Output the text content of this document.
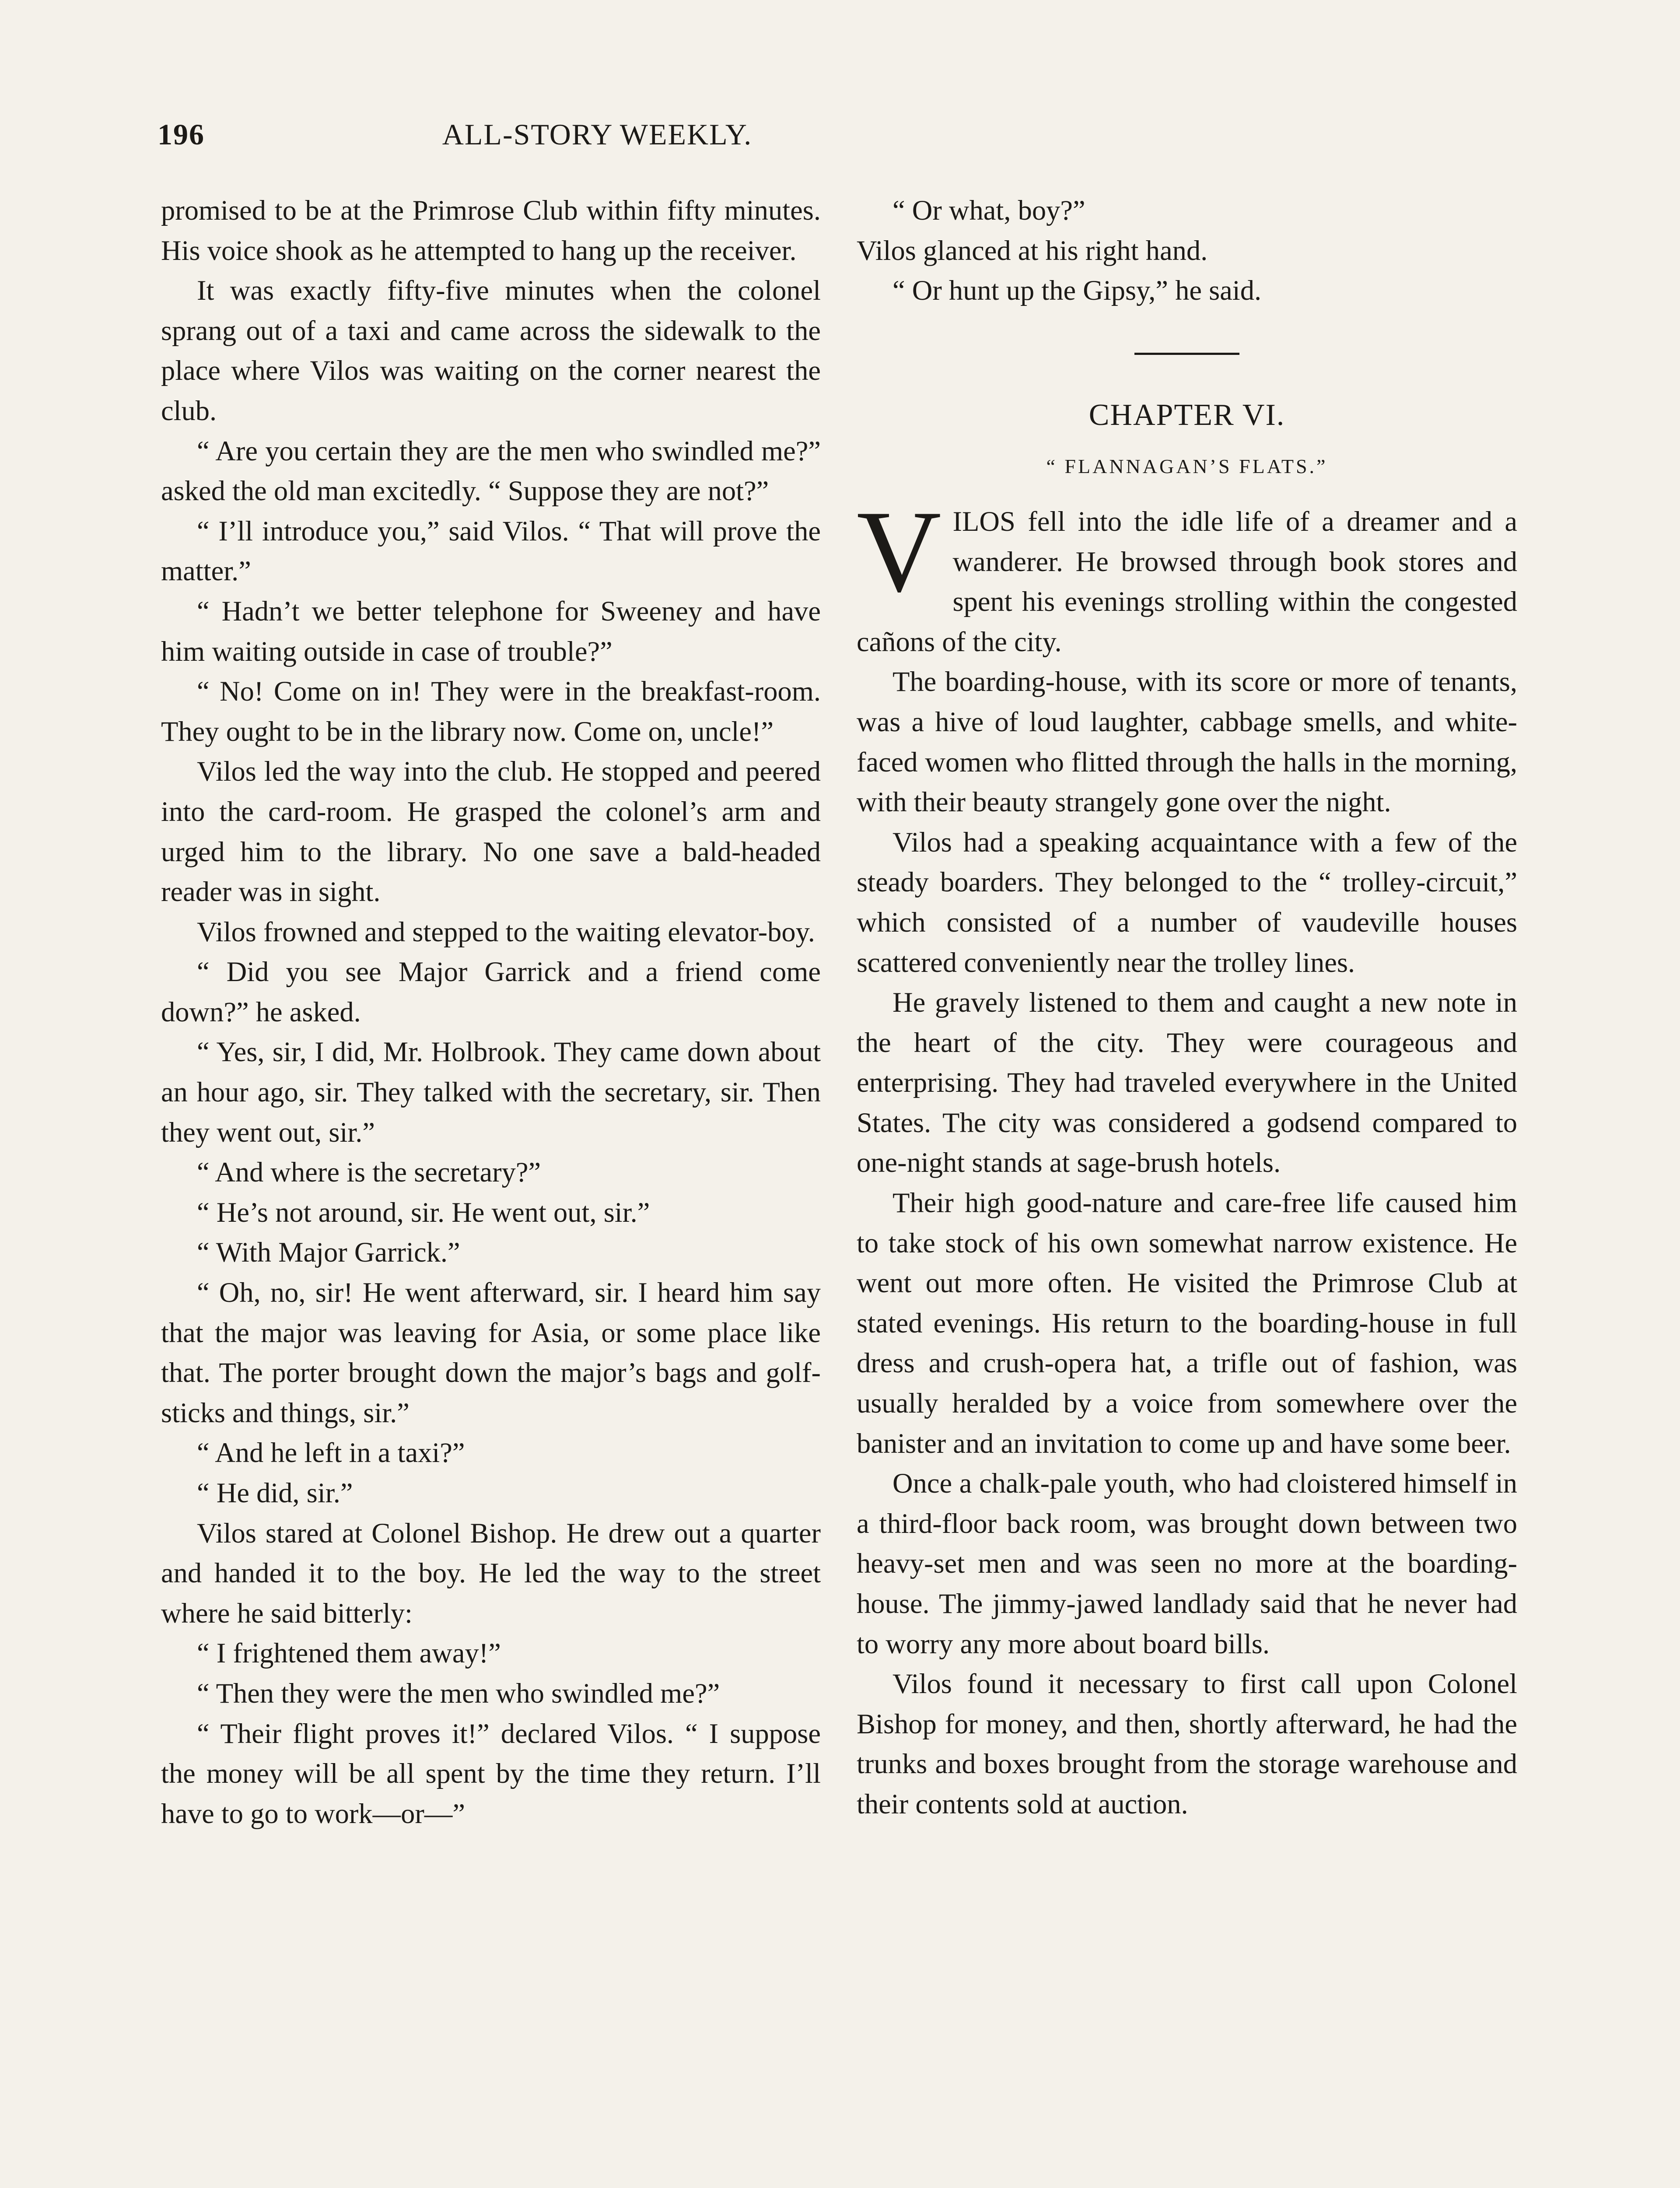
ALL-STORY WEEKLY.
196

promised to be at the Primrose Club within fifty minutes. His voice shook as he attempted to hang up the receiver.

It was exactly fifty-five minutes when the colonel sprang out of a taxi and came across the sidewalk to the place where Vilos was waiting on the corner nearest the club.

“ Are you certain they are the men who swindled me?” asked the old man excitedly. “ Suppose they are not?”

“ I’ll introduce you,” said Vilos. “ That will prove the matter.”

“ Hadn’t we better telephone for Sweeney and have him waiting outside in case of trouble?”

“ No! Come on in! They were in the breakfast-room. They ought to be in the library now. Come on, uncle!”

Vilos led the way into the club. He stopped and peered into the card-room. He grasped the colonel’s arm and urged him to the library. No one save a bald-headed reader was in sight.

Vilos frowned and stepped to the waiting elevator-boy.

“ Did you see Major Garrick and a friend come down?” he asked.

“ Yes, sir, I did, Mr. Holbrook. They came down about an hour ago, sir. They talked with the secretary, sir. Then they went out, sir.”

“ And where is the secretary?”

“ He’s not around, sir. He went out, sir.”

“ With Major Garrick.”

“ Oh, no, sir! He went afterward, sir. I heard him say that the major was leaving for Asia, or some place like that. The porter brought down the major’s bags and golf-sticks and things, sir.”

“ And he left in a taxi?”

“ He did, sir.”

Vilos stared at Colonel Bishop. He drew out a quarter and handed it to the boy. He led the way to the street where he said bitterly:

“ I frightened them away!”

“ Then they were the men who swindled me?”

“ Their flight proves it!” declared Vilos. “ I suppose the money will be all spent by the time they return. I’ll have to go to work—or—”

“ Or what, boy?”

Vilos glanced at his right hand.

“ Or hunt up the Gipsy,” he said.

CHAPTER VI.
“ FLANNAGAN’S FLATS.”

VILOS fell into the idle life of a dreamer and a wanderer. He browsed through book stores and spent his evenings strolling within the congested cañons of the city.

The boarding-house, with its score or more of tenants, was a hive of loud laughter, cabbage smells, and white-faced women who flitted through the halls in the morning, with their beauty strangely gone over the night.

Vilos had a speaking acquaintance with a few of the steady boarders. They belonged to the “ trolley-circuit,” which consisted of a number of vaudeville houses scattered conveniently near the trolley lines.

He gravely listened to them and caught a new note in the heart of the city. They were courageous and enterprising. They had traveled everywhere in the United States. The city was considered a godsend compared to one-night stands at sage-brush hotels.

Their high good-nature and care-free life caused him to take stock of his own somewhat narrow existence. He went out more often. He visited the Primrose Club at stated evenings. His return to the boarding-house in full dress and crush-opera hat, a trifle out of fashion, was usually heralded by a voice from somewhere over the banister and an invitation to come up and have some beer.

Once a chalk-pale youth, who had cloistered himself in a third-floor back room, was brought down between two heavy-set men and was seen no more at the boarding-house. The jimmy-jawed landlady said that he never had to worry any more about board bills.

Vilos found it necessary to first call upon Colonel Bishop for money, and then, shortly afterward, he had the trunks and boxes brought from the storage warehouse and their contents sold at auction.
